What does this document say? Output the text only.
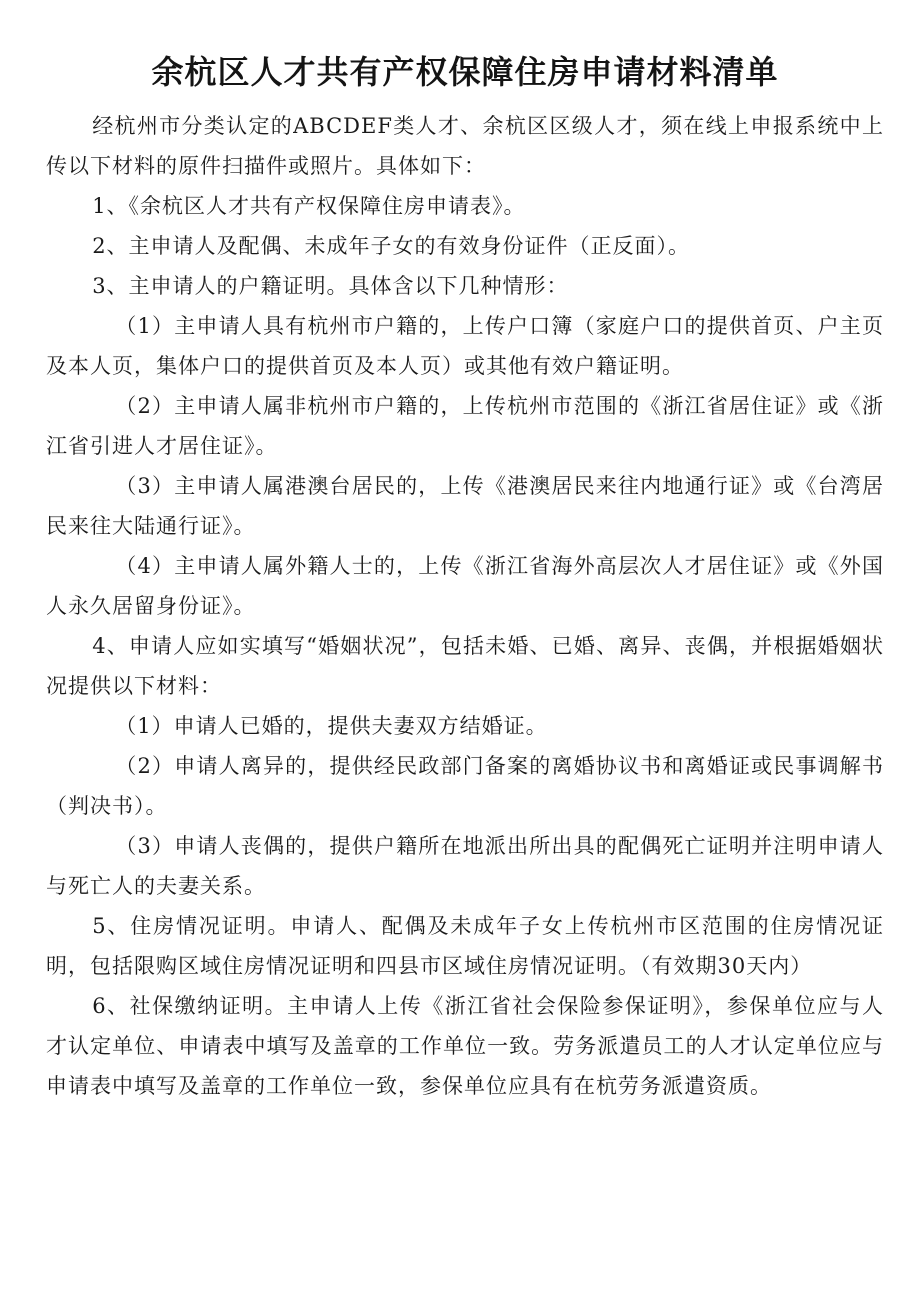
余杭区人才共有产权保障住房申请材料清单

经杭州市分类认定的ABCDEF类人才、余杭区区级人才，须在线上申报系统中上传以下材料的原件扫描件或照片。具体如下：

1、《余杭区人才共有产权保障住房申请表》。

2、主申请人及配偶、未成年子女的有效身份证件（正反面）。

3、主申请人的户籍证明。具体含以下几种情形：

（1）主申请人具有杭州市户籍的，上传户口簿（家庭户口的提供首页、户主页及本人页，集体户口的提供首页及本人页）或其他有效户籍证明。

（2）主申请人属非杭州市户籍的，上传杭州市范围的《浙江省居住证》或《浙江省引进人才居住证》。

（3）主申请人属港澳台居民的，上传《港澳居民来往内地通行证》或《台湾居民来往大陆通行证》。

（4）主申请人属外籍人士的，上传《浙江省海外高层次人才居住证》或《外国人永久居留身份证》。

4、申请人应如实填写“婚姻状况”，包括未婚、已婚、离异、丧偶，并根据婚姻状况提供以下材料：

（1）申请人已婚的，提供夫妻双方结婚证。

（2）申请人离异的，提供经民政部门备案的离婚协议书和离婚证或民事调解书（判决书）。

（3）申请人丧偶的，提供户籍所在地派出所出具的配偶死亡证明并注明申请人与死亡人的夫妻关系。

5、住房情况证明。申请人、配偶及未成年子女上传杭州市区范围的住房情况证明，包括限购区域住房情况证明和四县市区域住房情况证明。（有效期30天内）

6、社保缴纳证明。主申请人上传《浙江省社会保险参保证明》，参保单位应与人才认定单位、申请表中填写及盖章的工作单位一致。劳务派遣员工的人才认定单位应与申请表中填写及盖章的工作单位一致，参保单位应具有在杭劳务派遣资质。
